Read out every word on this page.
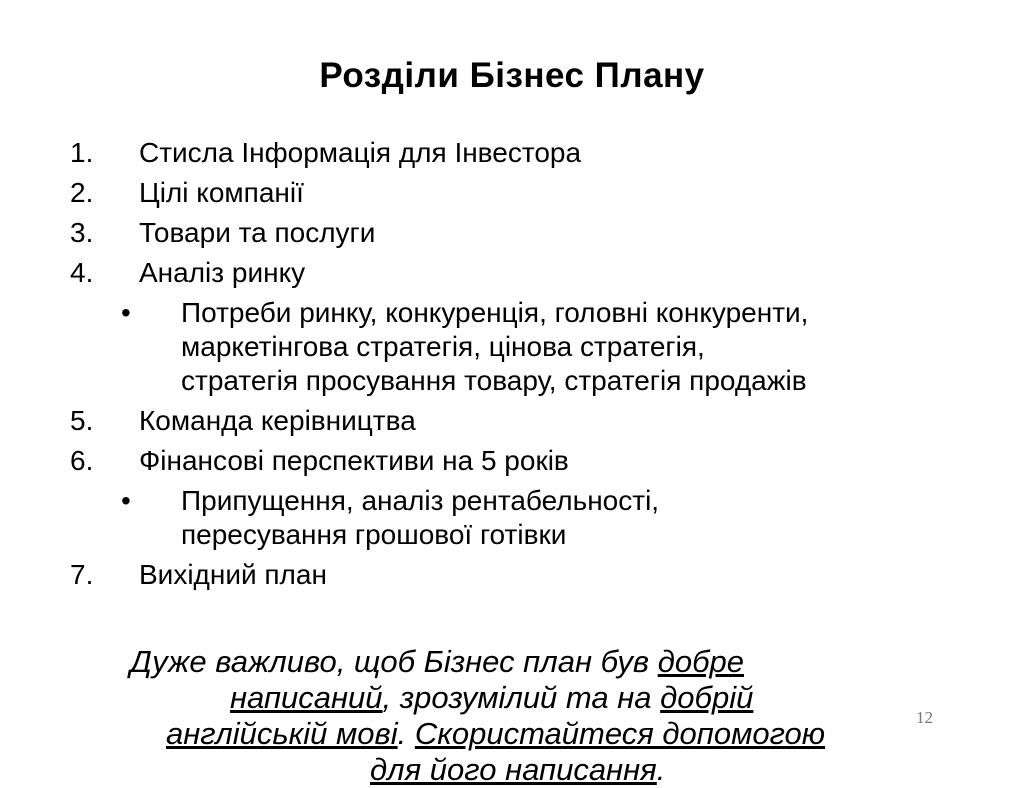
Розділи Бізнес Плану
1. Стисла Інформація для Інвестора
2. Цілі компанії
3. Товари та послуги
4. Аналіз ринку
• Потреби ринку, конкуренція, головні конкуренти,
маркетінгова стратегія, цінова стратегія,
стратегія просування товару, стратегія продажів
5. Команда керівництва
6. Фінансові перспективи на 5 років
• Припущення, аналіз рентабельності,
пересування грошової готівки
7. Вихідний план
Дуже важливо, щоб Бізнес план був добре
написаний, зрозумілий та на добрій
англійській мові. Скористайтеся допомогою
для його написання.
12
